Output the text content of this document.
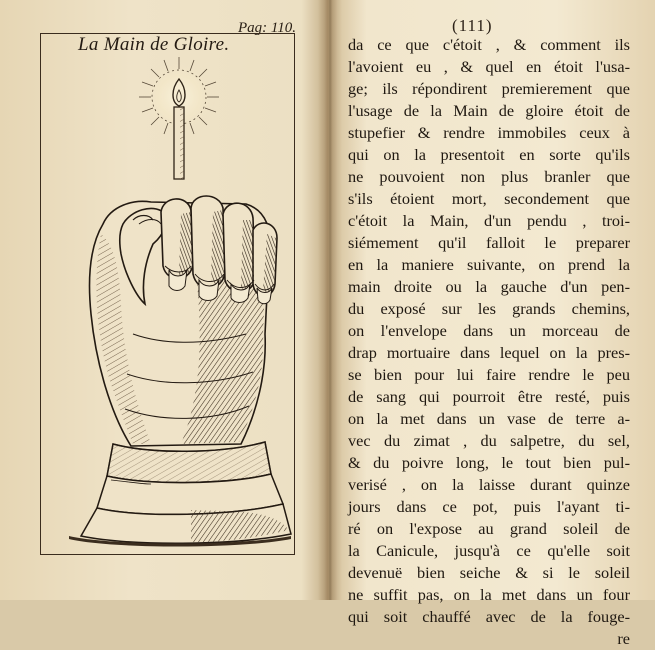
Pag: 110.
La Main de Gloire.
(111)
da ce que c'étoit , & comment ils
l'avoient eu , & quel en étoit l'usa-
ge; ils répondirent premierement que
l'usage de la Main de gloire étoit de
stupefier & rendre immobiles ceux à
qui on la presentoit en sorte qu'ils
ne pouvoient non plus branler que
s'ils étoient mort, secondement que
c'étoit la Main, d'un pendu , troi-
siémement qu'il falloit le preparer
en la maniere suivante, on prend la
main droite ou la gauche d'un pen-
du exposé sur les grands chemins,
on l'envelope dans un morceau de
drap mortuaire dans lequel on la pres-
se bien pour lui faire rendre le peu
de sang qui pourroit être resté, puis
on la met dans un vase de terre a-
vec du zimat , du salpetre, du sel,
& du poivre long, le tout bien pul-
verisé , on la laisse durant quinze
jours dans ce pot, puis l'ayant ti-
ré on l'expose au grand soleil de
la Canicule, jusqu'à ce qu'elle soit
devenuë bien seiche & si le soleil
ne suffit pas, on la met dans un four
qui soit chauffé avec de la fouge-
re
